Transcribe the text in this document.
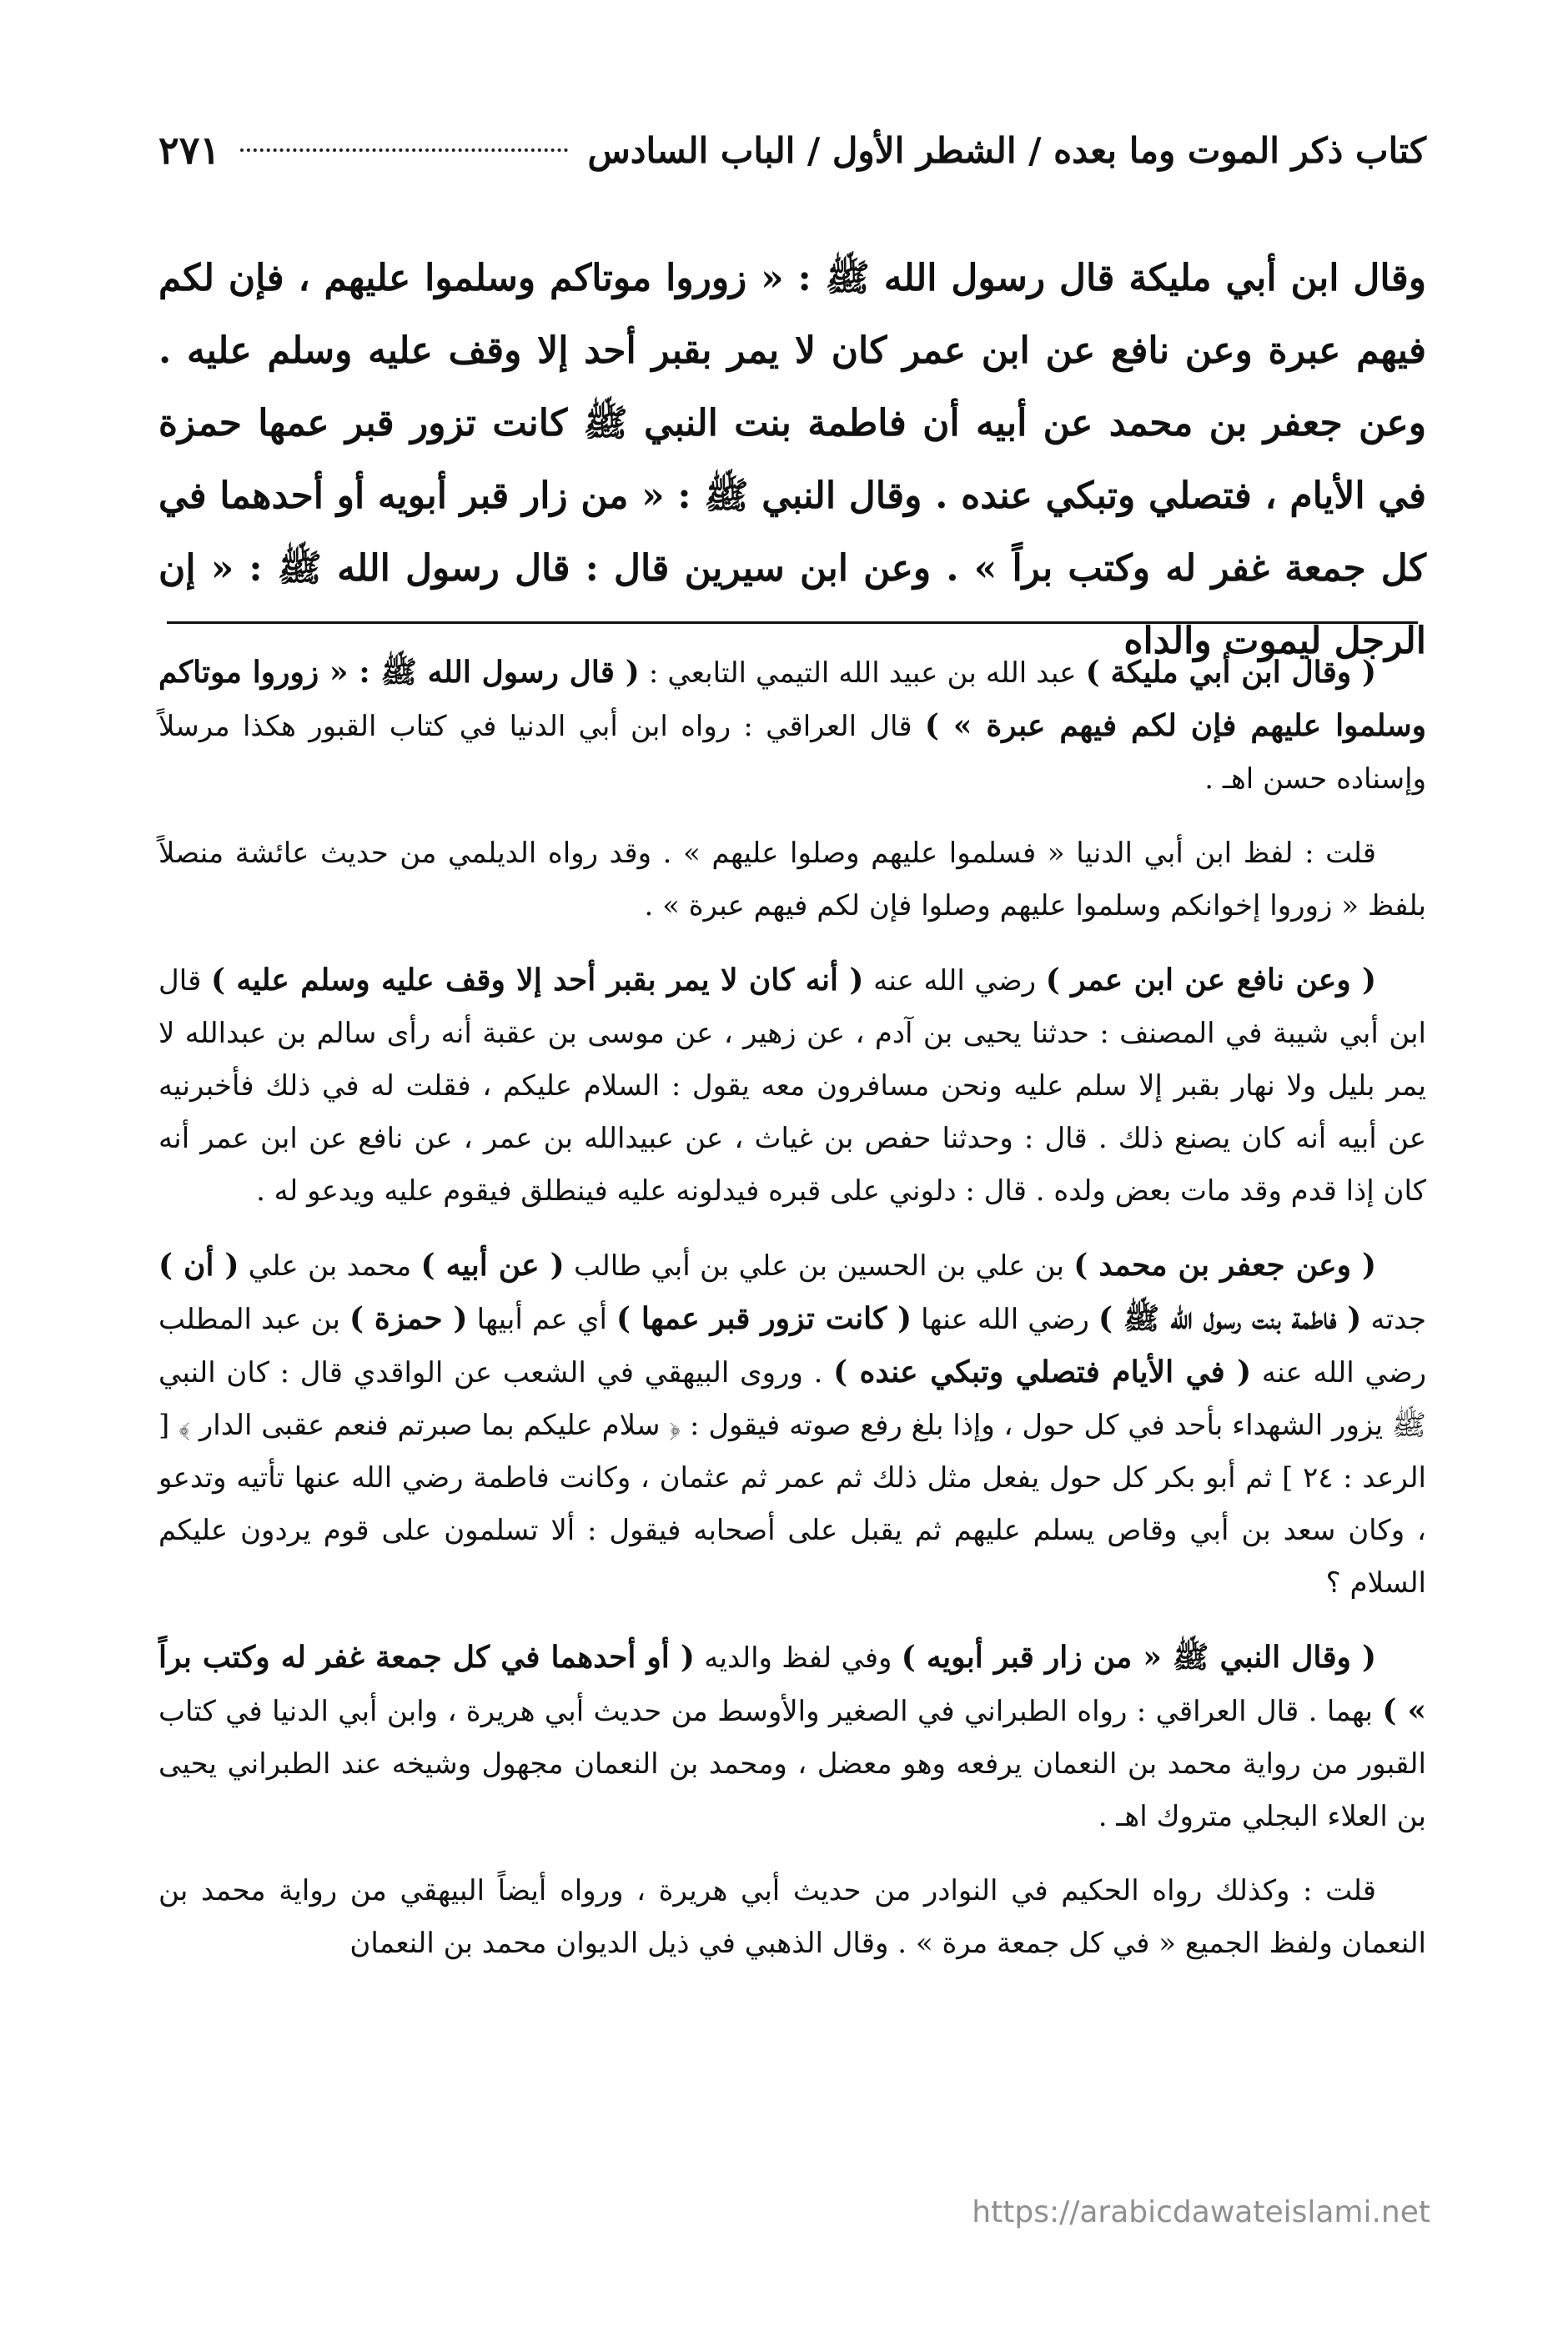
كتاب ذكر الموت وما بعده / الشطر الأول / الباب السادس
٢٧١
وقال ابن أبي مليكة قال رسول الله ﷺ : « زوروا موتاكم وسلموا عليهم ، فإن لكم فيهم عبرة وعن نافع عن ابن عمر كان لا يمر بقبر أحد إلا وقف عليه وسلم عليه . وعن جعفر بن محمد عن أبيه أن فاطمة بنت النبي ﷺ كانت تزور قبر عمها حمزة في الأيام ، فتصلي وتبكي عنده . وقال النبي ﷺ : « من زار قبر أبويه أو أحدهما في كل جمعة غفر له وكتب براً » . وعن ابن سيرين قال : قال رسول الله ﷺ : « إن الرجل ليموت والداه

( وقال ابن أبي مليكة ) عبد الله بن عبيد الله التيمي التابعي : ( قال رسول الله ﷺ : « زوروا موتاكم وسلموا عليهم فإن لكم فيهم عبرة » ) قال العراقي : رواه ابن أبي الدنيا في كتاب القبور هكذا مرسلاً وإسناده حسن اهـ .

قلت : لفظ ابن أبي الدنيا « فسلموا عليهم وصلوا عليهم » . وقد رواه الديلمي من حديث عائشة منصلاً بلفظ « زوروا إخوانكم وسلموا عليهم وصلوا فإن لكم فيهم عبرة » .

( وعن نافع عن ابن عمر ) رضي الله عنه ( أنه كان لا يمر بقبر أحد إلا وقف عليه وسلم عليه ) قال ابن أبي شيبة في المصنف : حدثنا يحيى بن آدم ، عن زهير ، عن موسى بن عقبة أنه رأى سالم بن عبدالله لا يمر بليل ولا نهار بقبر إلا سلم عليه ونحن مسافرون معه يقول : السلام عليكم ، فقلت له في ذلك فأخبرنيه عن أبيه أنه كان يصنع ذلك . قال : وحدثنا حفص بن غياث ، عن عبيدالله بن عمر ، عن نافع عن ابن عمر أنه كان إذا قدم وقد مات بعض ولده . قال : دلوني على قبره فيدلونه عليه فينطلق فيقوم عليه ويدعو له .

( وعن جعفر بن محمد ) بن علي بن الحسين بن علي بن أبي طالب ( عن أبيه ) محمد بن علي ( أن ) جدته ( فاطمة بنت رسول الله ﷺ ) رضي الله عنها ( كانت تزور قبر عمها ) أي عم أبيها ( حمزة ) بن عبد المطلب رضي الله عنه ( في الأيام فتصلي وتبكي عنده ) . وروى البيهقي في الشعب عن الواقدي قال : كان النبي ﷺ يزور الشهداء بأحد في كل حول ، وإذا بلغ رفع صوته فيقول : ﴿ سلام عليكم بما صبرتم فنعم عقبى الدار ﴾ [ الرعد : ٢٤ ] ثم أبو بكر كل حول يفعل مثل ذلك ثم عمر ثم عثمان ، وكانت فاطمة رضي الله عنها تأتيه وتدعو ، وكان سعد بن أبي وقاص يسلم عليهم ثم يقبل على أصحابه فيقول : ألا تسلمون على قوم يردون عليكم السلام ؟

( وقال النبي ﷺ « من زار قبر أبويه ) وفي لفظ والديه ( أو أحدهما في كل جمعة غفر له وكتب براً » ) بهما . قال العراقي : رواه الطبراني في الصغير والأوسط من حديث أبي هريرة ، وابن أبي الدنيا في كتاب القبور من رواية محمد بن النعمان يرفعه وهو معضل ، ومحمد بن النعمان مجهول وشيخه عند الطبراني يحيى بن العلاء البجلي متروك اهـ .

قلت : وكذلك رواه الحكيم في النوادر من حديث أبي هريرة ، ورواه أيضاً البيهقي من رواية محمد بن النعمان ولفظ الجميع « في كل جمعة مرة » . وقال الذهبي في ذيل الديوان محمد بن النعمان

https://arabicdawateislami.net
